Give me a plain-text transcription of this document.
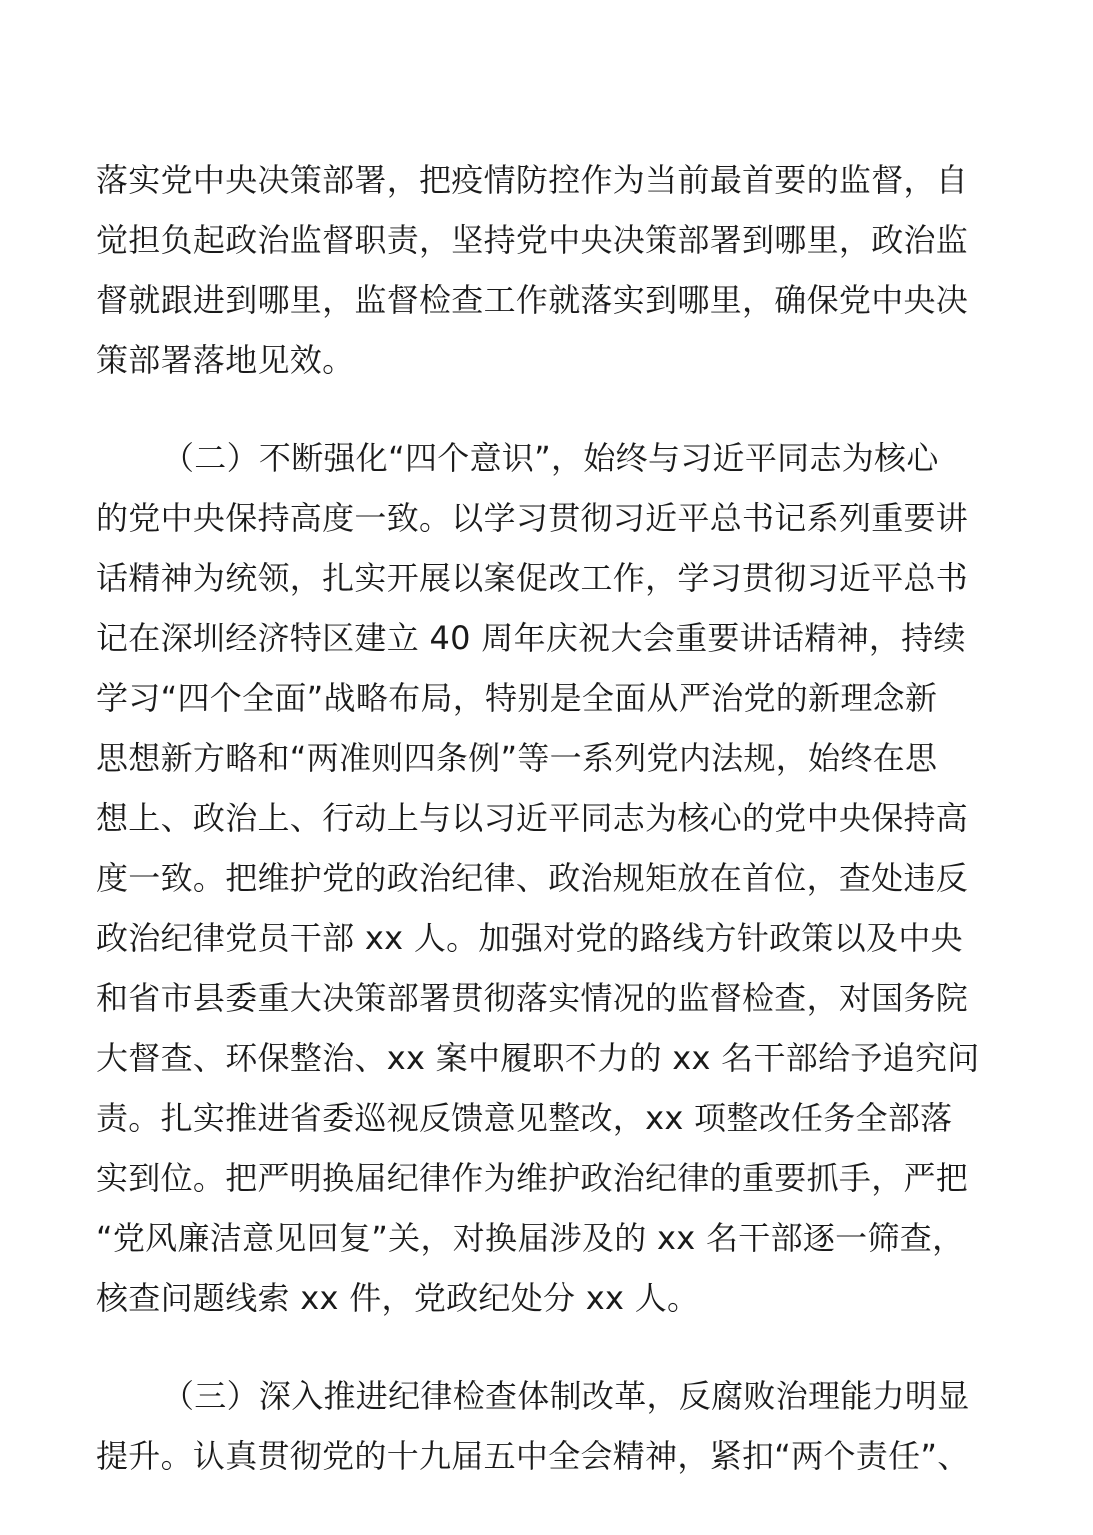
落实党中央决策部署，把疫情防控作为当前最首要的监督，自
觉担负起政治监督职责，坚持党中央决策部署到哪里，政治监
督就跟进到哪里，监督检查工作就落实到哪里，确保党中央决
策部署落地见效。
（二）不断强化“四个意识”，始终与习近平同志为核心
的党中央保持高度一致。以学习贯彻习近平总书记系列重要讲
话精神为统领，扎实开展以案促改工作，学习贯彻习近平总书
记在深圳经济特区建立 40 周年庆祝大会重要讲话精神，持续
学习“四个全面”战略布局，特别是全面从严治党的新理念新
思想新方略和“两准则四条例”等一系列党内法规，始终在思
想上、政治上、行动上与以习近平同志为核心的党中央保持高
度一致。把维护党的政治纪律、政治规矩放在首位，查处违反
政治纪律党员干部 xx 人。加强对党的路线方针政策以及中央
和省市县委重大决策部署贯彻落实情况的监督检查，对国务院
大督查、环保整治、xx 案中履职不力的 xx 名干部给予追究问
责。扎实推进省委巡视反馈意见整改，xx 项整改任务全部落
实到位。把严明换届纪律作为维护政治纪律的重要抓手，严把
“党风廉洁意见回复”关，对换届涉及的 xx 名干部逐一筛查，
核查问题线索 xx 件，党政纪处分 xx 人。
（三）深入推进纪律检查体制改革，反腐败治理能力明显
提升。认真贯彻党的十九届五中全会精神，紧扣“两个责任”、
